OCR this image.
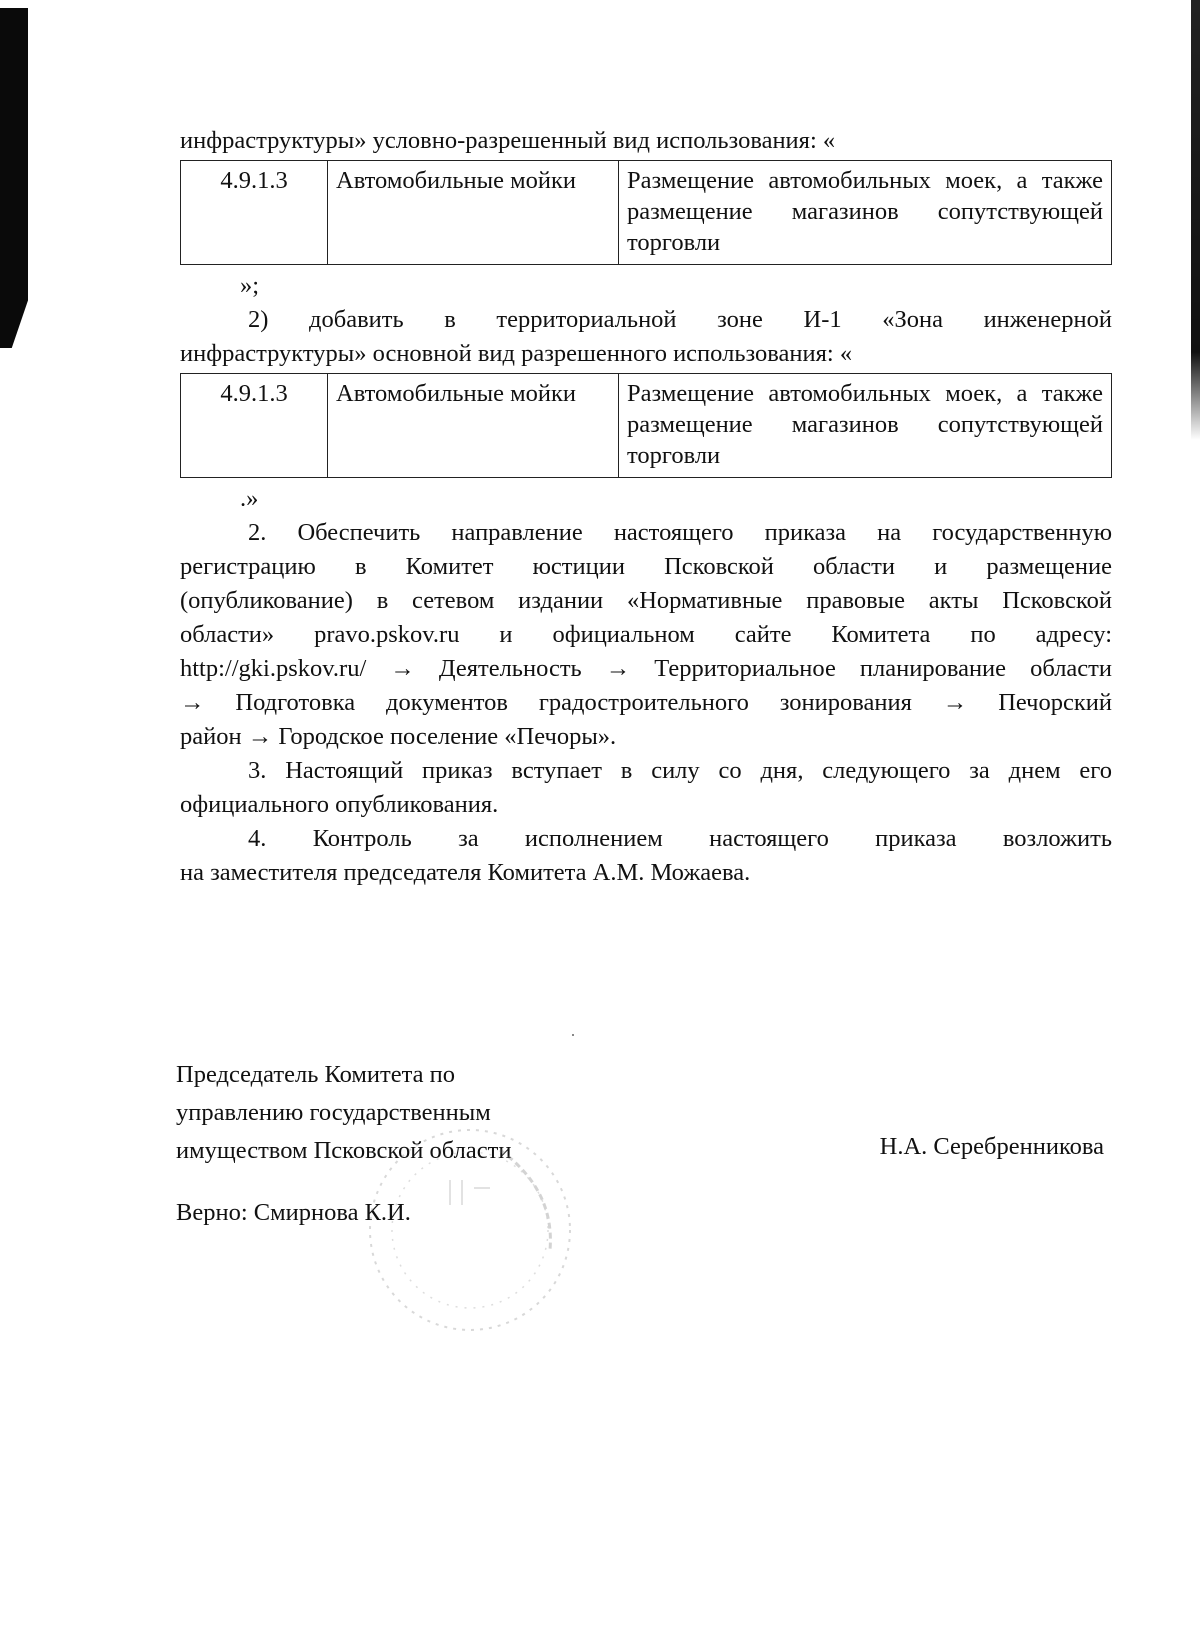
инфраструктуры» условно-разрешенный вид использования: «
4.9.1.3	Автомобильные мойки	Размещение автомобильных моек, а также
размещение магазинов сопутствующей
торговли
»;
2) добавить в территориальной зоне И-1 «Зона инженерной
инфраструктуры» основной вид разрешенного использования: «
4.9.1.3	Автомобильные мойки	Размещение автомобильных моек, а также
размещение магазинов сопутствующей
торговли
.»
2. Обеспечить направление настоящего приказа на государственную
регистрацию в Комитет юстиции Псковской области и размещение
(опубликование) в сетевом издании «Нормативные правовые акты Псковской
области» pravo.pskov.ru и официальном сайте Комитета по адресу:
http://gki.pskov.ru/ → Деятельность → Территориальное планирование области
→ Подготовка документов градостроительного зонирования → Печорский
район → Городское поселение «Печоры».
3. Настоящий приказ вступает в силу со дня, следующего за днем его
официального опубликования.
4. Контроль за исполнением настоящего приказа возложить
на заместителя председателя Комитета А.М. Можаева.
Председатель Комитета по
управлению государственным
имуществом Псковской области	Н.А. Серебренникова
Верно: Смирнова К.И.
